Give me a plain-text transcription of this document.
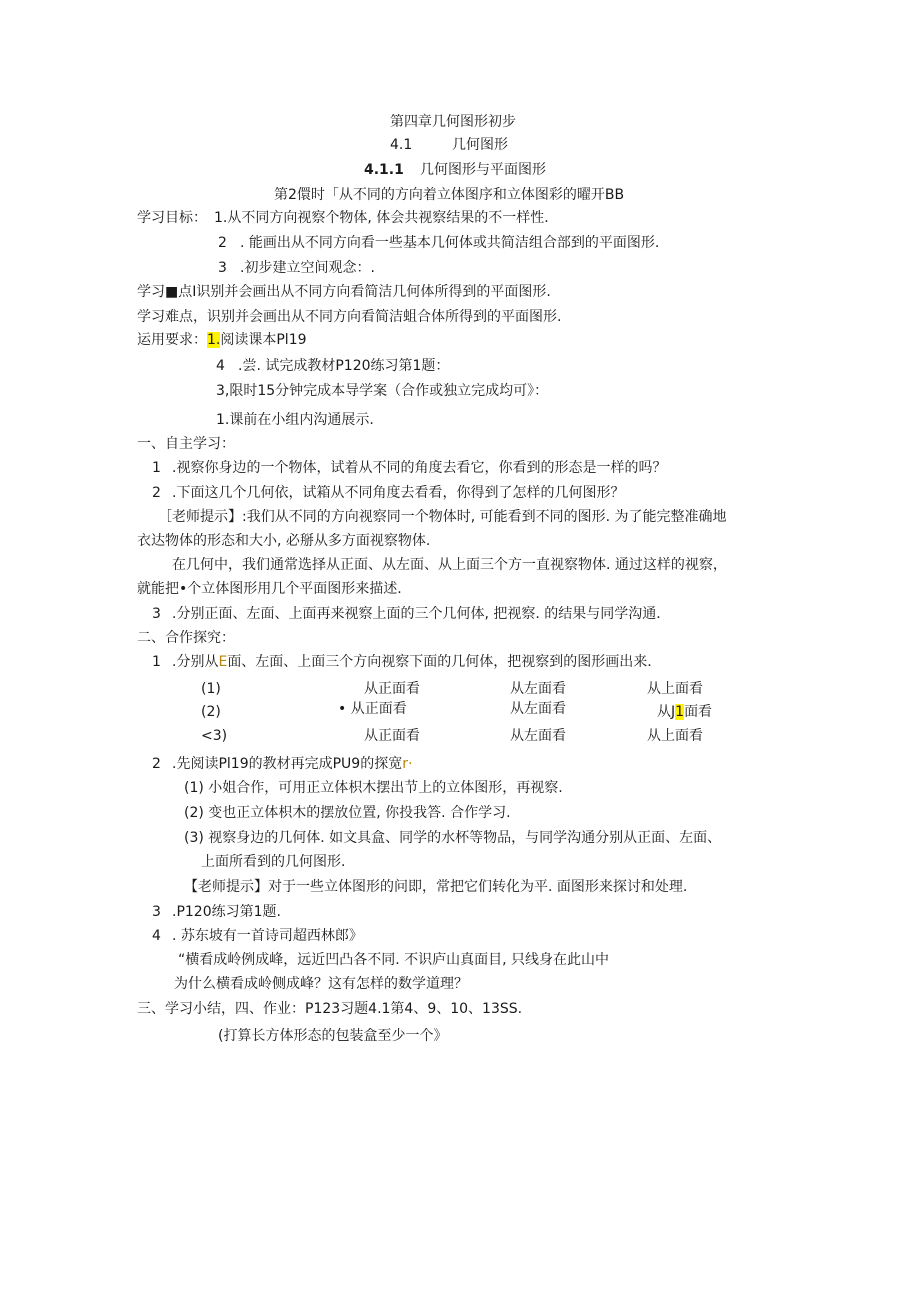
第四章几何图形初步
4.1	几何图形
4.1.1 几何图形与平面图形
第2儇时「从不同的方向着立体图序和立体图彩的曜开BB
学习目标： 1.从不同方向视察个物体, 体会共视察结果的不一样性.
2 . 能画出从不同方向看一些基本几何体或共简洁组合部到的平面图形.
3 .初步建立空间观念：.
学习■点I识别并会画出从不同方向看简洁几何体所得到的平面图形.
学习难点，识别并会画出从不同方向看简洁蛆合体所得到的平面图形.
运用要求：1.阅读课本Pl19
4 .尝. 试完成教材P120练习第1题：
3,限时15分钟完成本导学案（合作或独立完成均可》：
1.课前在小组内沟通展示.
一、自主学习：
1 .视察你身边的一个物体，试着从不同的角度去看它，你看到的形态是一样的吗？
2 .下面这几个几何依，试箱从不同角度去看看，你得到了怎样的几何图形？
［老师提示】:我们从不同的方向视察同一个物体时, 可能看到不同的图形. 为了能完整准确地
衣达物体的形态和大小, 必掰从多方面视察物体.
在几何中，我们通常选择从正面、从左面、从上面三个方一直视察物体. 通过这样的视察，
就能把•个立体图形用几个平面图形来描述.
3 .分别正面、左面、上面再来视察上面的三个几何体, 把视察. 的结果与同学沟通.
二、合作探究：
1 .分别从E面、左面、上面三个方向视察下面的几何体，把视察到的图形画出来.
(1)	从正面看	从左面看	从上面看
(2)	• 从正面看	从左面看	从J1面看
<3)	从正面看	从左面看	从上面看
2 .先阅读Pl19的教材再完成PU9的探宽r·
(1) 小姐合作，可用正立体枳木摆出节上的立体图形，再视察.
(2) 变也正立体枳木的摆放位置, 你投我答. 合作学习.
(3) 视察身边的几何体. 如文具盒、同学的水杯等物品，与同学沟通分别从正面、左面、
上面所看到的几何图形.
【老师提示】对于一些立体图形的问即，常把它们转化为平. 面图形来探讨和处理.
3 .P120练习第1题.
4 . 苏东坡有一首诗司超西林郎》
“横看成岭例成峰，远近凹凸各不同. 不识庐山真面目, 只线身在此山中
为什么横看成岭侧成峰？这有怎样的数学道理？
三、学习小结，四、作业：P123习题4.1第4、9、10、13SS.
(打算长方体形态的包装盒至少一个》
